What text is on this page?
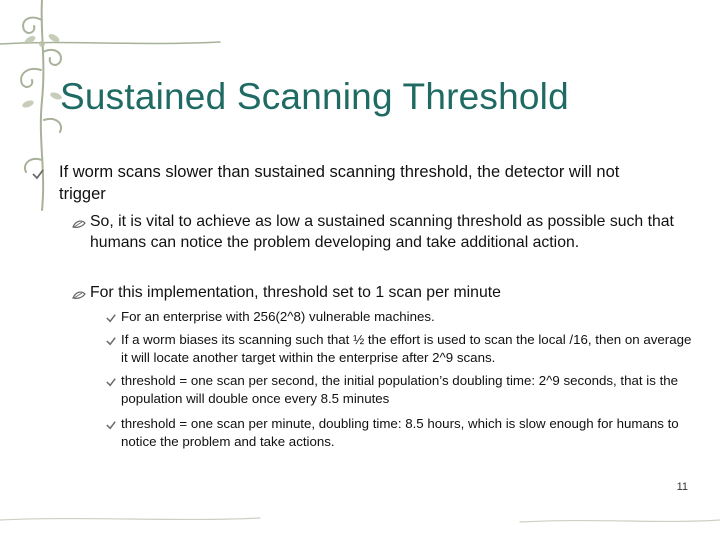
Sustained Scanning Threshold
If worm scans slower than sustained scanning threshold, the detector will not trigger
So, it is vital to achieve as low a sustained scanning threshold as possible such that humans can notice the problem developing and take additional action.
For this implementation, threshold set to 1 scan per minute
For an enterprise with 256(2^8) vulnerable machines.
If a worm biases its scanning such that ½ the effort is used to scan the local /16, then on average it will locate another target within the enterprise after 2^9 scans.
threshold = one scan per second, the initial population’s doubling time: 2^9 seconds, that is the population will double once every 8.5 minutes
threshold = one scan per minute, doubling time: 8.5 hours, which is slow enough for humans to notice the problem and take actions.
11
